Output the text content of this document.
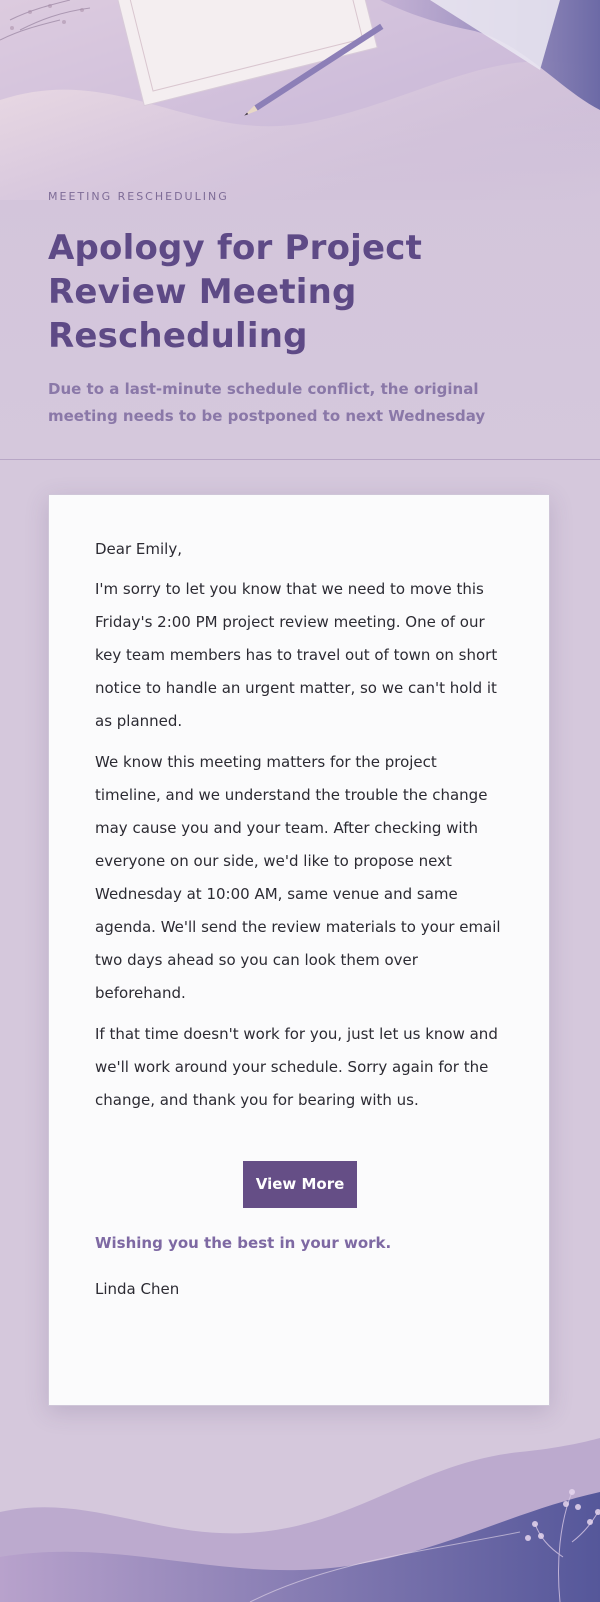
MEETING RESCHEDULING

Apology for Project Review Meeting Rescheduling

Due to a last-minute schedule conflict, the original meeting needs to be postponed to next Wednesday

Dear Emily,

I'm sorry to let you know that we need to move this Friday's 2:00 PM project review meeting. One of our key team members has to travel out of town on short notice to handle an urgent matter, so we can't hold it as planned.

We know this meeting matters for the project timeline, and we understand the trouble the change may cause you and your team. After checking with everyone on our side, we'd like to propose next Wednesday at 10:00 AM, same venue and same agenda. We'll send the review materials to your email two days ahead so you can look them over beforehand.

If that time doesn't work for you, just let us know and we'll work around your schedule. Sorry again for the change, and thank you for bearing with us.

View More

Wishing you the best in your work.

Linda Chen
